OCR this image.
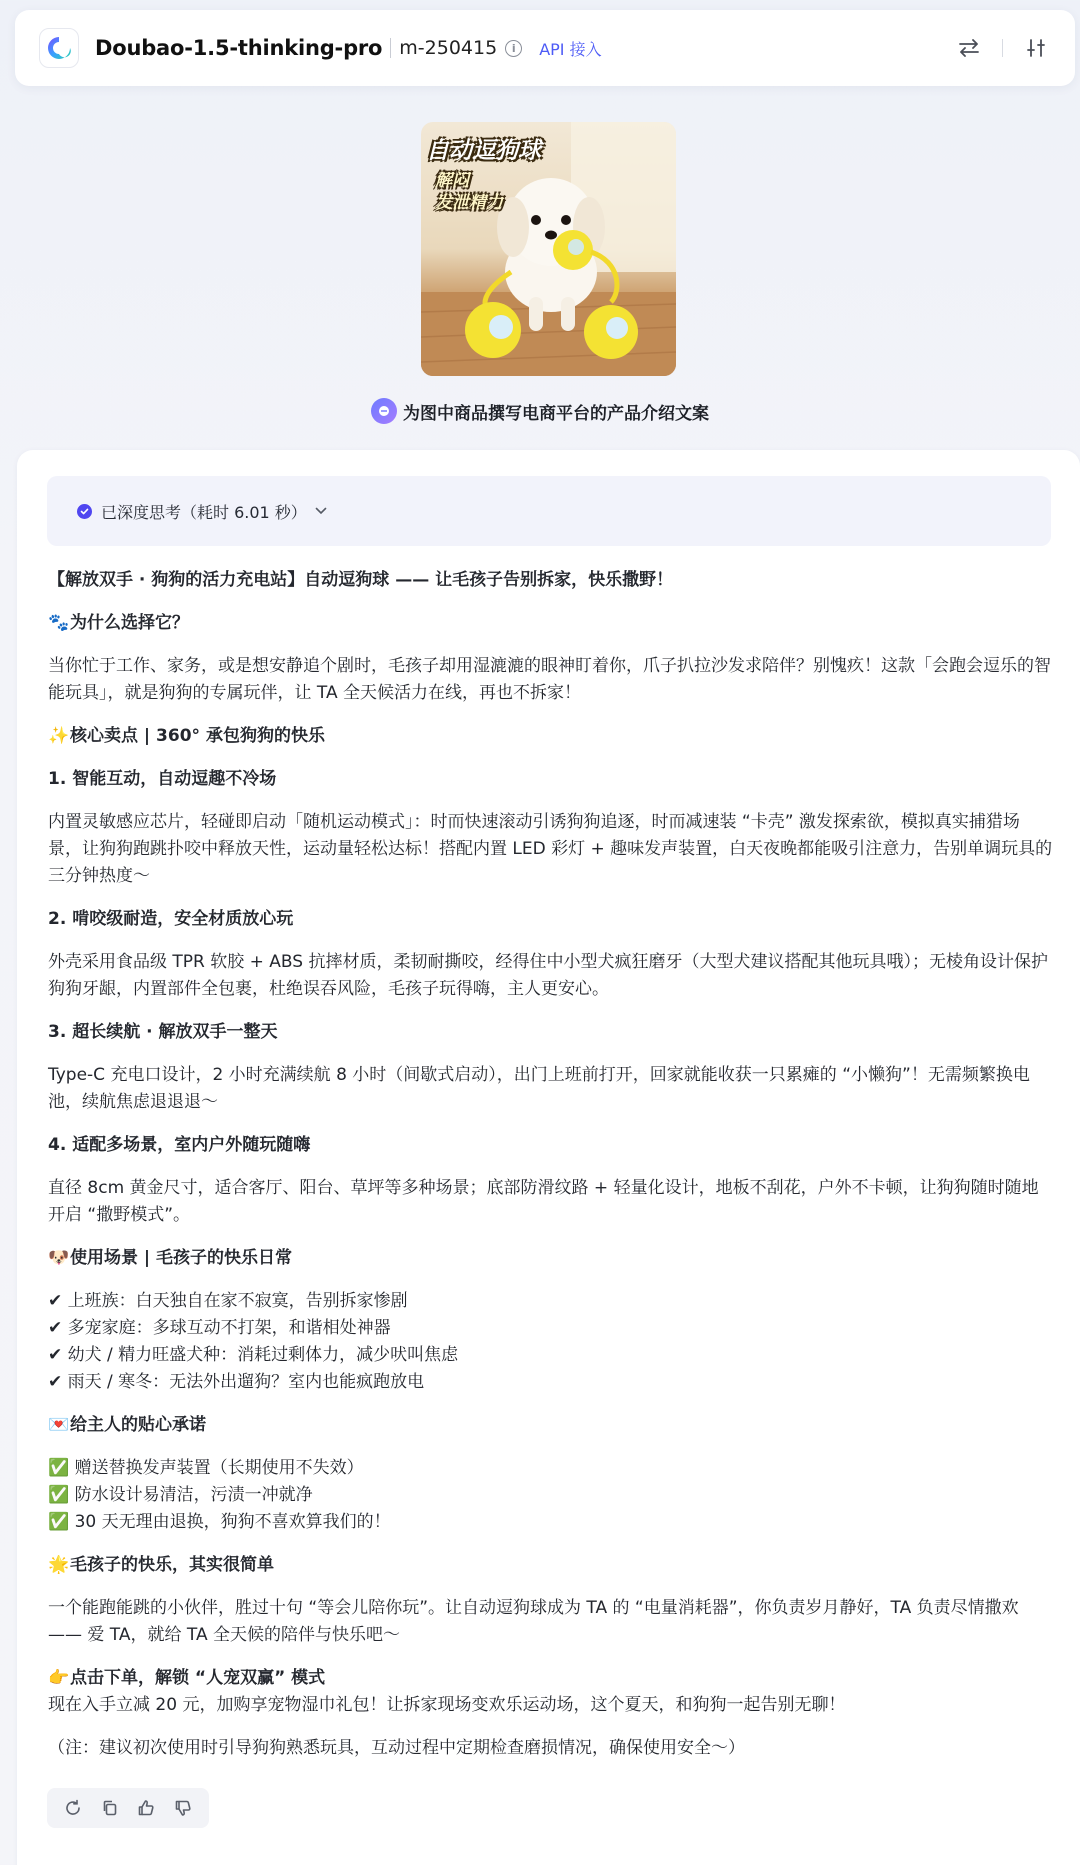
Doubao-1.5-thinking-pro m-250415	i	API 接入
自动逗狗球
解闷
发泄精力
为图中商品撰写电商平台的产品介绍文案
已深度思考（耗时 6.01 秒）

【解放双手 · 狗狗的活力充电站】自动逗狗球 —— 让毛孩子告别拆家，快乐撒野！

🐾为什么选择它？

当你忙于工作、家务，或是想安静追个剧时，毛孩子却用湿漉漉的眼神盯着你，爪子扒拉沙发求陪伴？别愧疚！这款「会跑会逗乐的智能玩具」，就是狗狗的专属玩伴，让 TA 全天候活力在线，再也不拆家！

✨核心卖点 | 360° 承包狗狗的快乐

1. 智能互动，自动逗趣不冷场

内置灵敏感应芯片，轻碰即启动「随机运动模式」：时而快速滚动引诱狗狗追逐，时而减速装 “卡壳” 激发探索欲，模拟真实捕猎场景，让狗狗跑跳扑咬中释放天性，运动量轻松达标！搭配内置 LED 彩灯 + 趣味发声装置，白天夜晚都能吸引注意力，告别单调玩具的三分钟热度～

2. 啃咬级耐造，安全材质放心玩

外壳采用食品级 TPR 软胶 + ABS 抗摔材质，柔韧耐撕咬，经得住中小型犬疯狂磨牙（大型犬建议搭配其他玩具哦）；无棱角设计保护狗狗牙龈，内置部件全包裹，杜绝误吞风险，毛孩子玩得嗨，主人更安心。

3. 超长续航 · 解放双手一整天

Type-C 充电口设计，2 小时充满续航 8 小时（间歇式启动），出门上班前打开，回家就能收获一只累瘫的 “小懒狗”！无需频繁换电池，续航焦虑退退退～

4. 适配多场景，室内户外随玩随嗨

直径 8cm 黄金尺寸，适合客厅、阳台、草坪等多种场景；底部防滑纹路 + 轻量化设计，地板不刮花，户外不卡顿，让狗狗随时随地开启 “撒野模式”。

🐶使用场景 | 毛孩子的快乐日常

✔ 上班族：白天独自在家不寂寞，告别拆家惨剧

✔ 多宠家庭：多球互动不打架，和谐相处神器

✔ 幼犬 / 精力旺盛犬种：消耗过剩体力，减少吠叫焦虑

✔ 雨天 / 寒冬：无法外出遛狗？室内也能疯跑放电

💌给主人的贴心承诺

✅ 赠送替换发声装置（长期使用不失效）

✅ 防水设计易清洁，污渍一冲就净

✅ 30 天无理由退换，狗狗不喜欢算我们的！

🌟毛孩子的快乐，其实很简单

一个能跑能跳的小伙伴，胜过十句 “等会儿陪你玩”。让自动逗狗球成为 TA 的 “电量消耗器”，你负责岁月静好，TA 负责尽情撒欢 —— 爱 TA，就给 TA 全天候的陪伴与快乐吧～

👉点击下单，解锁 “人宠双赢” 模式

现在入手立减 20 元，加购享宠物湿巾礼包！让拆家现场变欢乐运动场，这个夏天，和狗狗一起告别无聊！

（注：建议初次使用时引导狗狗熟悉玩具，互动过程中定期检查磨损情况，确保使用安全～）
